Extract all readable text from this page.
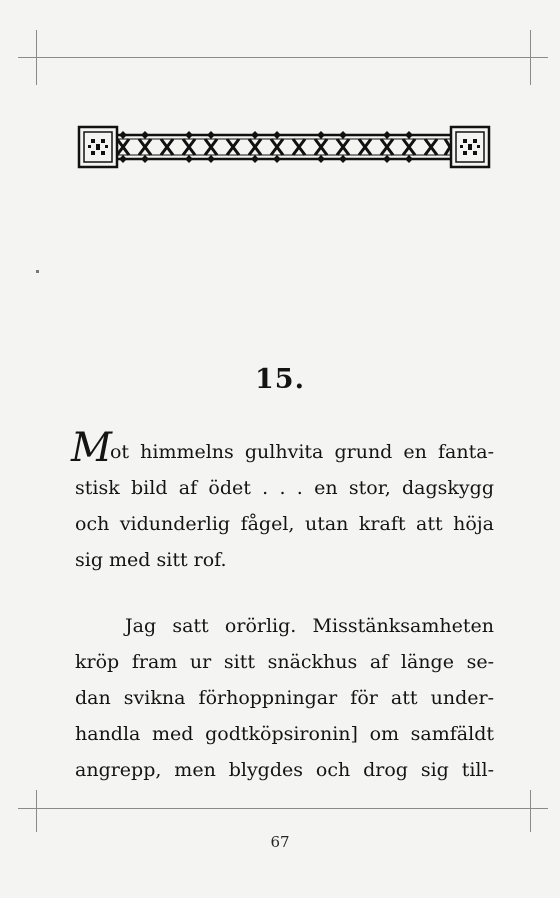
15.
Mot himmelns gulhvita grund en fanta-
stisk bild af ödet . . . en stor, dagskygg
och vidunderlig fågel, utan kraft att höja
sig med sitt rof.
Jag satt orörlig. Misstänksamheten
kröp fram ur sitt snäckhus af länge se-
dan svikna förhoppningar för att under-
handla med godtköpsironin] om samfäldt
angrepp, men blygdes och drog sig till-
67
